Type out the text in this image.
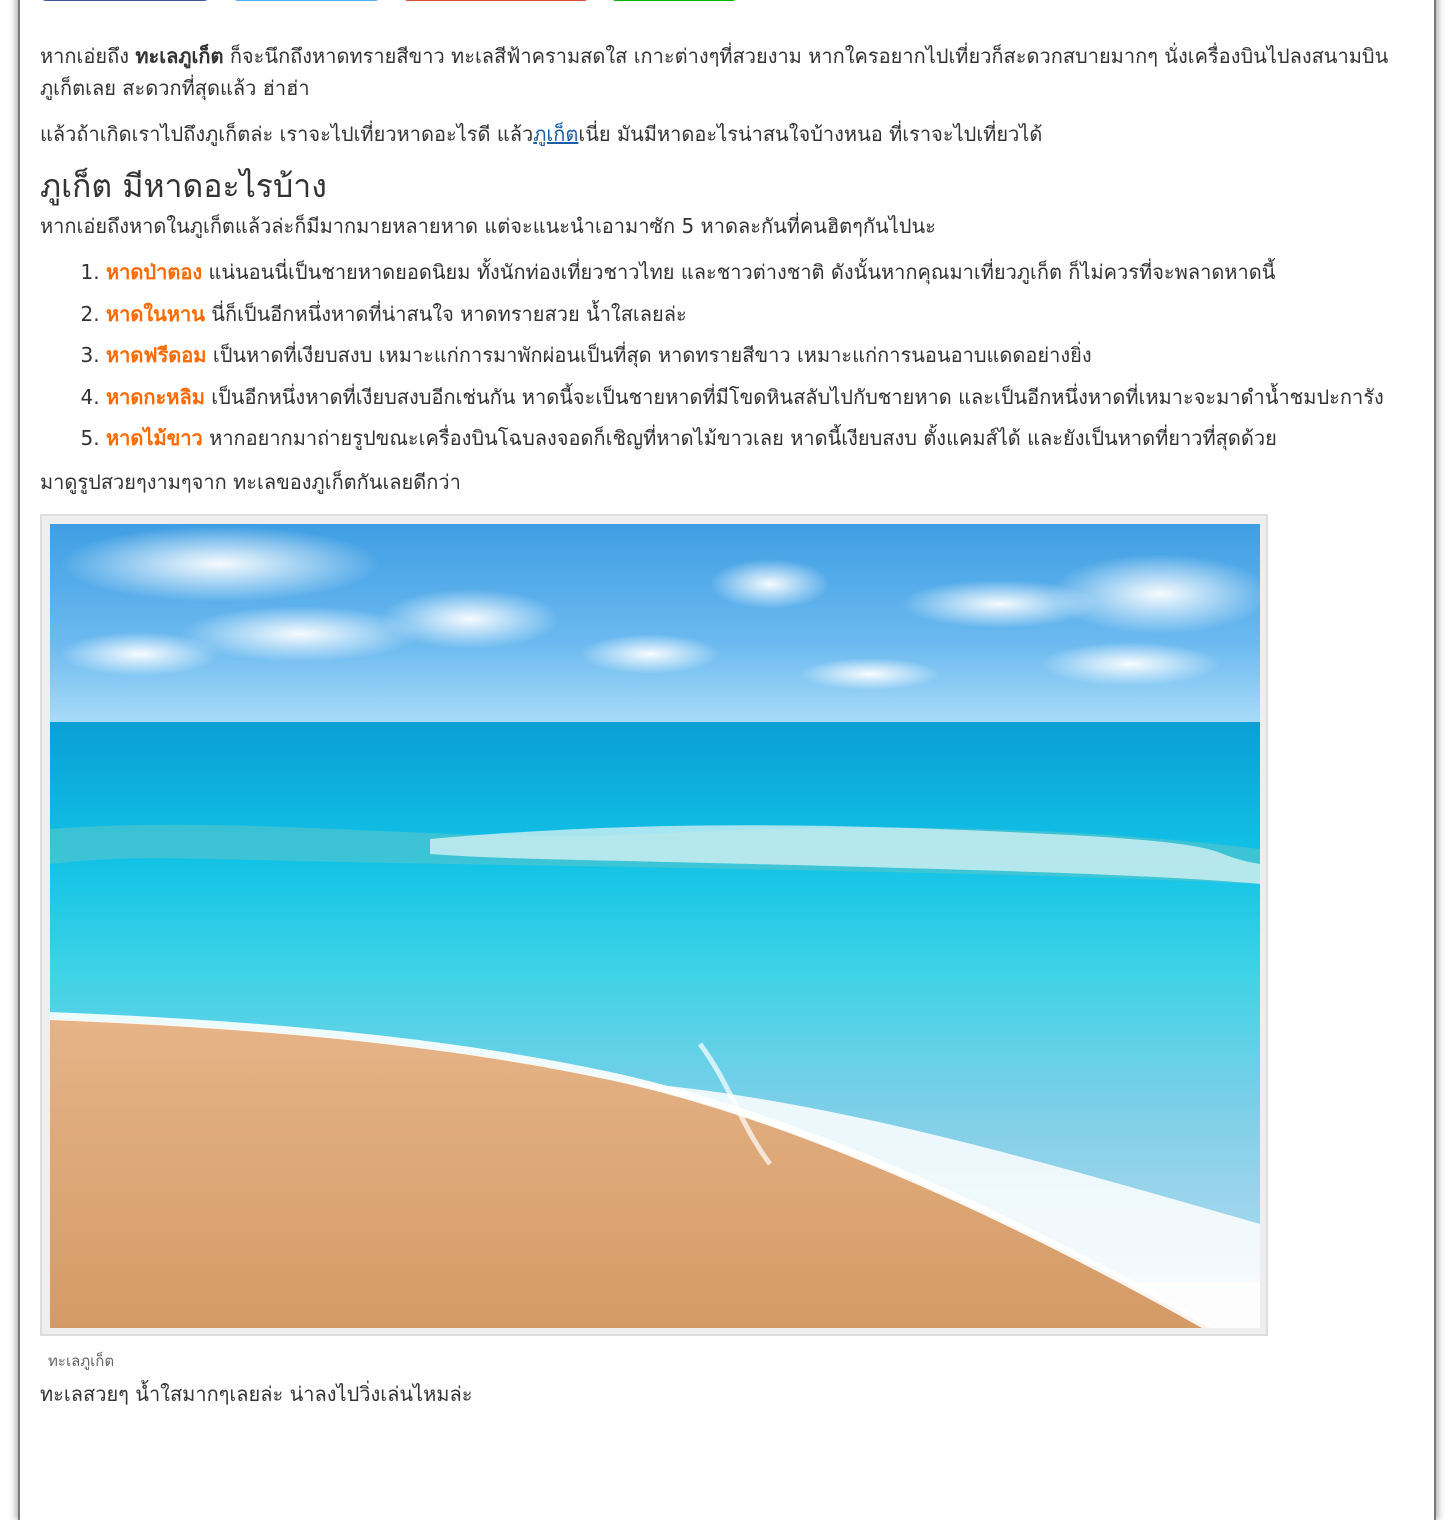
หากเอ่ยถึง ทะเลภูเก็ต ก็จะนึกถึงหาดทรายสีขาว ทะเลสีฟ้าครามสดใส เกาะต่างๆที่สวยงาม หากใครอยากไปเที่ยวก็สะดวกสบายมากๆ นั่งเครื่องบินไปลงสนามบินภูเก็ตเลย สะดวกที่สุดแล้ว ฮ่าฮ่า

แล้วถ้าเกิดเราไปถึงภูเก็ตล่ะ เราจะไปเที่ยวหาดอะไรดี แล้วภูเก็ตเนี่ย มันมีหาดอะไรน่าสนใจบ้างหนอ ที่เราจะไปเที่ยวได้

ภูเก็ต มีหาดอะไรบ้าง

หากเอ่ยถึงหาดในภูเก็ตแล้วล่ะก็มีมากมายหลายหาด แต่จะแนะนำเอามาซัก 5 หาดละกันที่คนฮิตๆกันไปนะ

1. หาดป่าตอง แน่นอนนี่เป็นชายหาดยอดนิยม ทั้งนักท่องเที่ยวชาวไทย และชาวต่างชาติ ดังนั้นหากคุณมาเที่ยวภูเก็ต ก็ไม่ควรที่จะพลาดหาดนี้
2. หาดในหาน นี่ก็เป็นอีกหนึ่งหาดที่น่าสนใจ หาดทรายสวย น้ำใสเลยล่ะ
3. หาดฟรีดอม เป็นหาดที่เงียบสงบ เหมาะแก่การมาพักผ่อนเป็นที่สุด หาดทรายสีขาว เหมาะแก่การนอนอาบแดดอย่างยิ่ง
4. หาดกะหลิม เป็นอีกหนึ่งหาดที่เงียบสงบอีกเช่นกัน หาดนี้จะเป็นชายหาดที่มีโขดหินสลับไปกับชายหาด และเป็นอีกหนึ่งหาดที่เหมาะจะมาดำน้ำชมปะการัง
5. หาดไม้ขาว หากอยากมาถ่ายรูปขณะเครื่องบินโฉบลงจอดก็เชิญที่หาดไม้ขาวเลย หาดนี้เงียบสงบ ตั้งแคมส์ได้ และยังเป็นหาดที่ยาวที่สุดด้วย

มาดูรูปสวยๆงามๆจาก ทะเลของภูเก็ตกันเลยดีกว่า

ทะเลภูเก็ต

ทะเลสวยๆ น้ำใสมากๆเลยล่ะ น่าลงไปวิ่งเล่นไหมล่ะ
